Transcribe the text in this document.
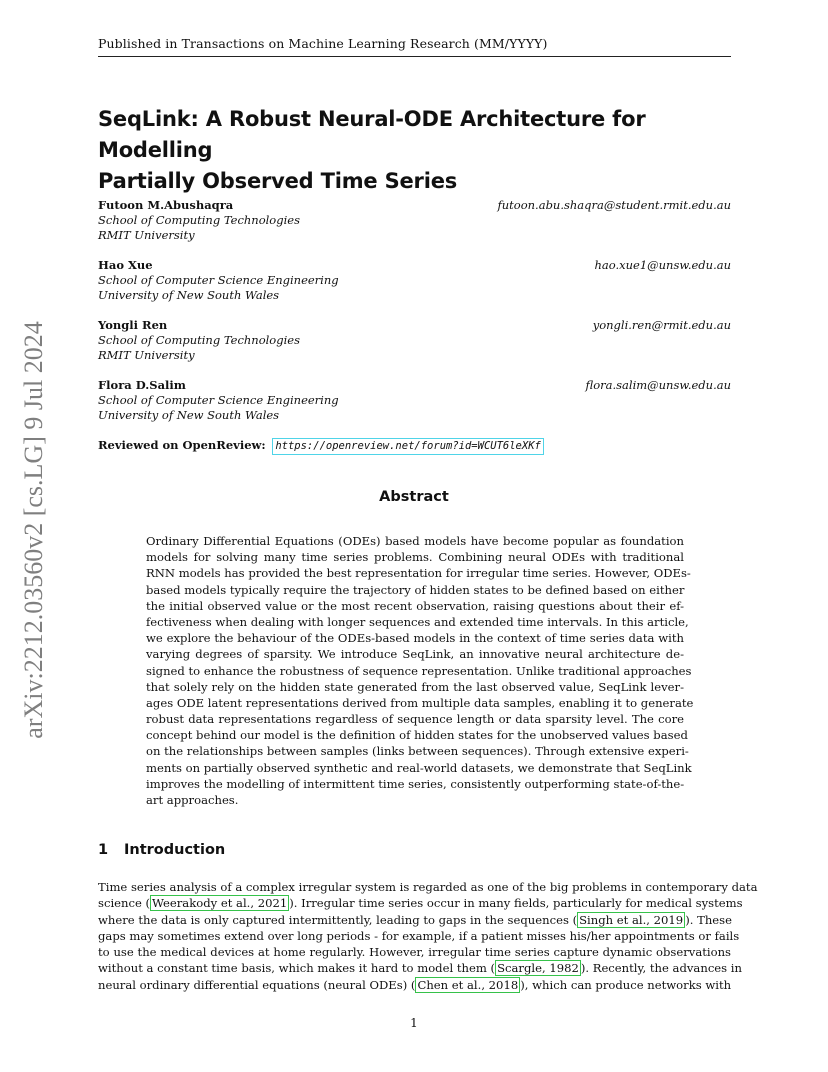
Published in Transactions on Machine Learning Research (MM/YYYY)
arXiv:2212.03560v2 [cs.LG] 9 Jul 2024
SeqLink: A Robust Neural-ODE Architecture for Modelling
Partially Observed Time Series
Futoon M.Abushaqra
School of Computing Technologies
RMIT University
futoon.abu.shaqra@student.rmit.edu.au
Hao Xue
School of Computer Science Engineering
University of New South Wales
hao.xue1@unsw.edu.au
Yongli Ren
School of Computing Technologies
RMIT University
yongli.ren@rmit.edu.au
Flora D.Salim
School of Computer Science Engineering
University of New South Wales
flora.salim@unsw.edu.au
Reviewed on OpenReview: https://openreview.net/forum?id=WCUT6leXKf
Abstract
Ordinary Differential Equations (ODEs) based models have become popular as foundation
models for solving many time series problems. Combining neural ODEs with traditional
RNN models has provided the best representation for irregular time series. However, ODEs-
based models typically require the trajectory of hidden states to be defined based on either
the initial observed value or the most recent observation, raising questions about their ef-
fectiveness when dealing with longer sequences and extended time intervals. In this article,
we explore the behaviour of the ODEs-based models in the context of time series data with
varying degrees of sparsity. We introduce SeqLink, an innovative neural architecture de-
signed to enhance the robustness of sequence representation. Unlike traditional approaches
that solely rely on the hidden state generated from the last observed value, SeqLink lever-
ages ODE latent representations derived from multiple data samples, enabling it to generate
robust data representations regardless of sequence length or data sparsity level. The core
concept behind our model is the definition of hidden states for the unobserved values based
on the relationships between samples (links between sequences). Through extensive experi-
ments on partially observed synthetic and real-world datasets, we demonstrate that SeqLink
improves the modelling of intermittent time series, consistently outperforming state-of-the-
art approaches.
1 Introduction
Time series analysis of a complex irregular system is regarded as one of the big problems in contemporary data
science ( Weerakody et al., 2021 ). Irregular time series occur in many fields, particularly for medical systems
where the data is only captured intermittently, leading to gaps in the sequences ( Singh et al., 2019 ). These
gaps may sometimes extend over long periods - for example, if a patient misses his/her appointments or fails
to use the medical devices at home regularly. However, irregular time series capture dynamic observations
without a constant time basis, which makes it hard to model them ( Scargle, 1982 ). Recently, the advances in
neural ordinary differential equations (neural ODEs) ( Chen et al., 2018 ), which can produce networks with
1
